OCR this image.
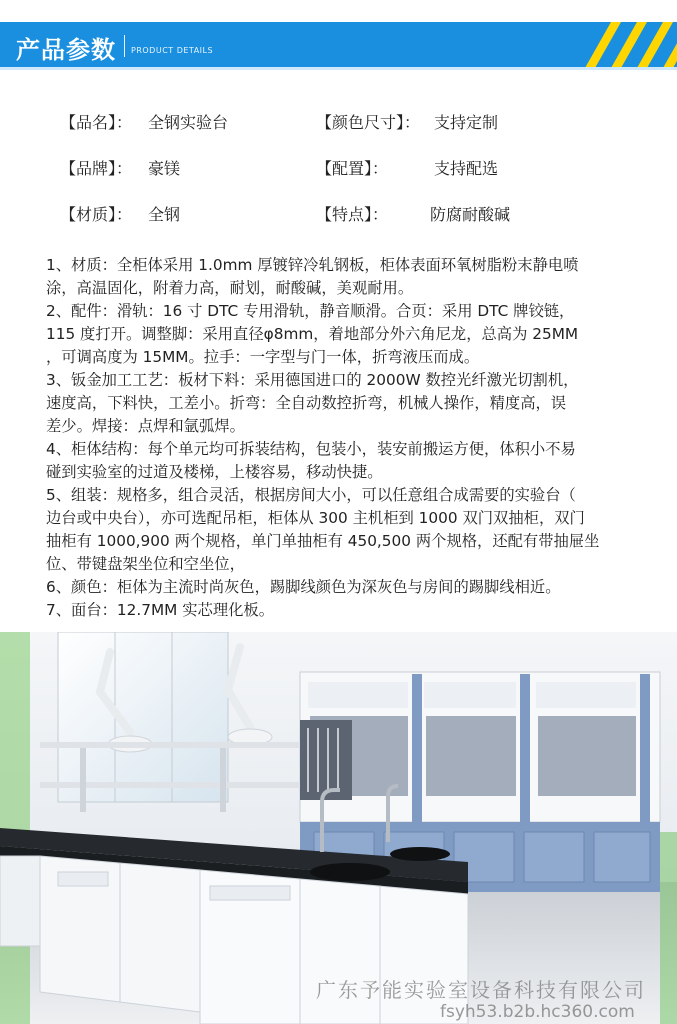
产品参数 PRODUCT DETAILS
【品名】： 全钢实验台	【颜色尺寸】： 支持定制
【品牌】： 豪镁	【配置】：	支持配选
【材质】： 全钢	【特点】：	防腐耐酸碱

1、材质：全柜体采用 1.0mm 厚镀锌冷轧钢板，柜体表面环氧树脂粉末静电喷

涂，高温固化，附着力高，耐划，耐酸碱，美观耐用。

2、配件：滑轨：16 寸 DTC 专用滑轨，静音顺滑。合页：采用 DTC 牌铰链，

115 度打开。调整脚：采用直径φ8mm，着地部分外六角尼龙，总高为 25MM

，可调高度为 15MM。拉手：一字型与门一体，折弯液压而成。

3、钣金加工工艺：板材下料：采用德国进口的 2000W 数控光纤激光切割机，

速度高，下料快，工差小。折弯：全自动数控折弯，机械人操作，精度高，误

差少。焊接：点焊和氩弧焊。

4、柜体结构：每个单元均可拆装结构，包装小，装安前搬运方便，体积小不易

碰到实验室的过道及楼梯，上楼容易，移动快捷。

5、组装：规格多，组合灵活，根据房间大小，可以任意组合成需要的实验台（

边台或中央台），亦可选配吊柜，柜体从 300 主机柜到 1000 双门双抽柜，双门

抽柜有 1000,900 两个规格，单门单抽柜有 450,500 两个规格，还配有带抽屉坐

位、带键盘架坐位和空坐位，

6、颜色：柜体为主流时尚灰色，踢脚线颜色为深灰色与房间的踢脚线相近。

7、面台：12.7MM 实芯理化板。

广东予能实验室设备科技有限公司
fsyh53.b2b.hc360.com
